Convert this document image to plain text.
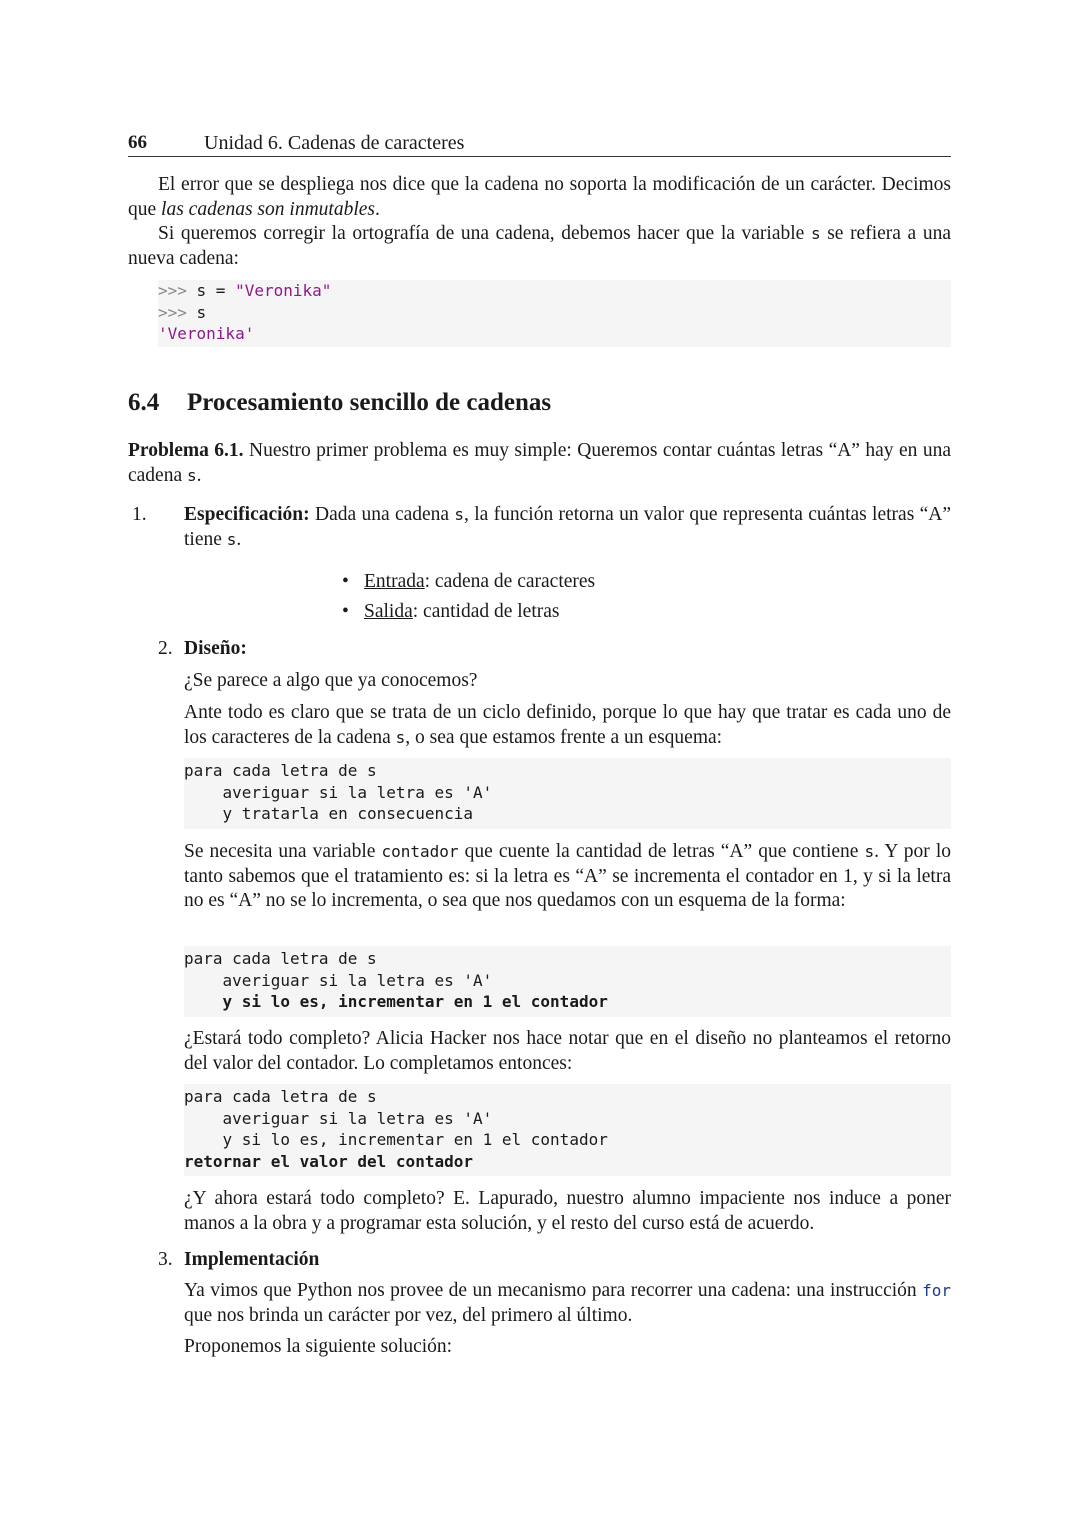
66	Unidad 6. Cadenas de caracteres

El error que se despliega nos dice que la cadena no soporta la modificación de un carácter. Decimos que las cadenas son inmutables.

Si queremos corregir la ortografía de una cadena, debemos hacer que la variable s se refiera a una nueva cadena:

>>> s = "Veronika"
>>> s
'Veronika'
6.4 Procesamiento sencillo de cadenas

Problema 6.1. Nuestro primer problema es muy simple: Queremos contar cuántas letras “A” hay en una cadena s.

1. Especificación: Dada una cadena s, la función retorna un valor que representa cuántas letras “A” tiene s.

• Entrada: cadena de caracteres

• Salida: cantidad de letras

2. Diseño:

¿Se parece a algo que ya conocemos?

Ante todo es claro que se trata de un ciclo definido, porque lo que hay que tratar es cada uno de los caracteres de la cadena s, o sea que estamos frente a un esquema:

para cada letra de s
averiguar si la letra es 'A'
y tratarla en consecuencia

Se necesita una variable contador que cuente la cantidad de letras “A” que contiene s. Y por lo tanto sabemos que el tratamiento es: si la letra es “A” se incrementa el contador en 1, y si la letra no es “A” no se lo incrementa, o sea que nos quedamos con un esquema de la forma:

para cada letra de s
averiguar si la letra es 'A'
y si lo es, incrementar en 1 el contador

¿Estará todo completo? Alicia Hacker nos hace notar que en el diseño no planteamos el retorno del valor del contador. Lo completamos entonces:

para cada letra de s
averiguar si la letra es 'A'
y si lo es, incrementar en 1 el contador
retornar el valor del contador

¿Y ahora estará todo completo? E. Lapurado, nuestro alumno impaciente nos induce a poner manos a la obra y a programar esta solución, y el resto del curso está de acuerdo.

3. Implementación

Ya vimos que Python nos provee de un mecanismo para recorrer una cadena: una instrucción for que nos brinda un carácter por vez, del primero al último.

Proponemos la siguiente solución:
